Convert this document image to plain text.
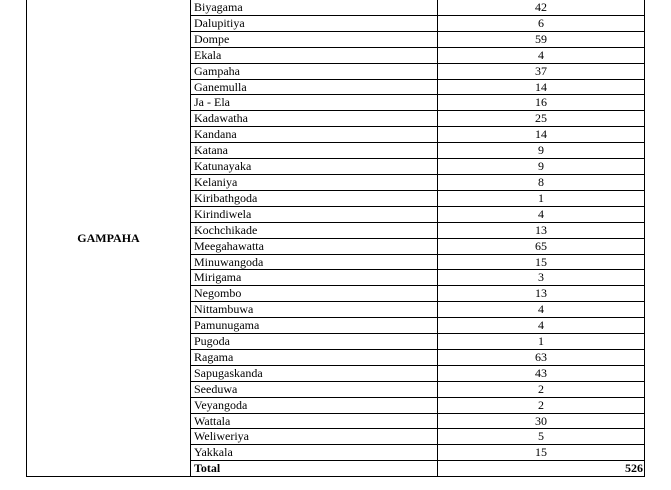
GAMPAHA	Biyagama	42
	Dalupitiya	6
	Dompe	59
	Ekala	4
	Gampaha	37
	Ganemulla	14
	Ja - Ela	16
	Kadawatha	25
	Kandana	14
	Katana	9
	Katunayaka	9
	Kelaniya	8
	Kiribathgoda	1
	Kirindiwela	4
	Kochchikade	13
	Meegahawatta	65
	Minuwangoda	15
	Mirigama	3
	Negombo	13
	Nittambuwa	4
	Pamunugama	4
	Pugoda	1
	Ragama	63
	Sapugaskanda	43
	Seeduwa	2
	Veyangoda	2
	Wattala	30
	Weliweriya	5
	Yakkala	15
	Total	526
